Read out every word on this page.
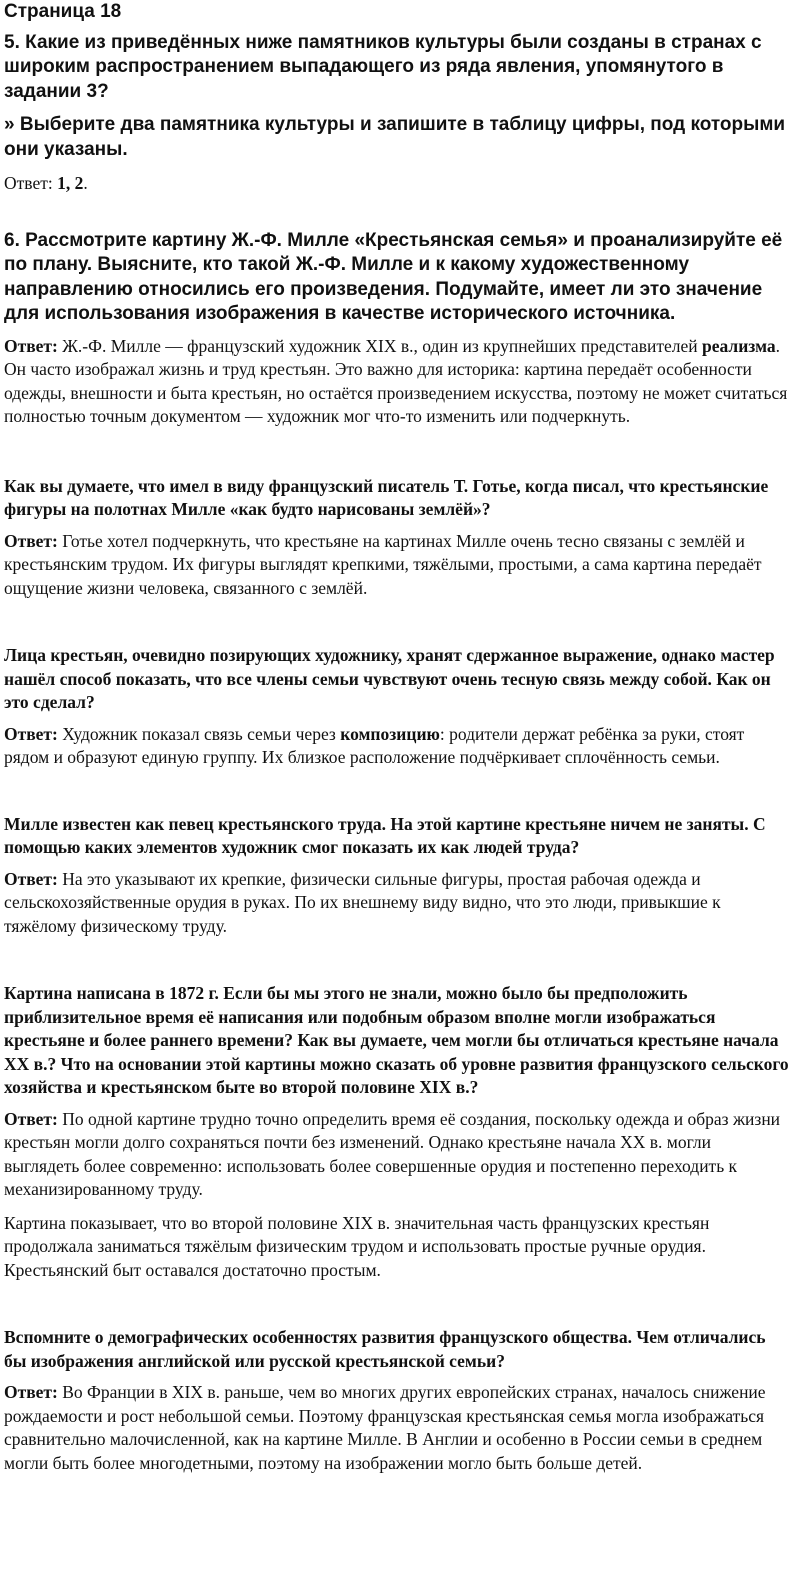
Страница 18

5. Какие из приведённых ниже памятников культуры были созданы в странах с широким распространением выпадающего из ряда явления, упомянутого в задании 3?

» Выберите два памятника культуры и запишите в таблицу цифры, под которыми они указаны.

Ответ: 1, 2.

6. Рассмотрите картину Ж.-Ф. Милле «Крестьянская семья» и проанализируйте её по плану. Выясните, кто такой Ж.-Ф. Милле и к какому художественному направлению относились его произведения. Подумайте, имеет ли это значение для использования изображения в качестве исторического источника.

Ответ: Ж.-Ф. Милле — французский художник XIX в., один из крупнейших представителей реализма. Он часто изображал жизнь и труд крестьян. Это важно для историка: картина передаёт особенности одежды, внешности и быта крестьян, но остаётся произведением искусства, поэтому не может считаться полностью точным документом — художник мог что-то изменить или подчеркнуть.

Как вы думаете, что имел в виду французский писатель Т. Готье, когда писал, что крестьянские фигуры на полотнах Милле «как будто нарисованы землёй»?

Ответ: Готье хотел подчеркнуть, что крестьяне на картинах Милле очень тесно связаны с землёй и крестьянским трудом. Их фигуры выглядят крепкими, тяжёлыми, простыми, а сама картина передаёт ощущение жизни человека, связанного с землёй.

Лица крестьян, очевидно позирующих художнику, хранят сдержанное выражение, однако мастер нашёл способ показать, что все члены семьи чувствуют очень тесную связь между собой. Как он это сделал?

Ответ: Художник показал связь семьи через композицию: родители держат ребёнка за руки, стоят рядом и образуют единую группу. Их близкое расположение подчёркивает сплочённость семьи.

Милле известен как певец крестьянского труда. На этой картине крестьяне ничем не заняты. С помощью каких элементов художник смог показать их как людей труда?

Ответ: На это указывают их крепкие, физически сильные фигуры, простая рабочая одежда и сельскохозяйственные орудия в руках. По их внешнему виду видно, что это люди, привыкшие к тяжёлому физическому труду.

Картина написана в 1872 г. Если бы мы этого не знали, можно было бы предположить приблизительное время её написания или подобным образом вполне могли изображаться крестьяне и более раннего времени? Как вы думаете, чем могли бы отличаться крестьяне начала XX в.? Что на основании этой картины можно сказать об уровне развития французского сельского хозяйства и крестьянском быте во второй половине XIX в.?

Ответ: По одной картине трудно точно определить время её создания, поскольку одежда и образ жизни крестьян могли долго сохраняться почти без изменений. Однако крестьяне начала XX в. могли выглядеть более современно: использовать более совершенные орудия и постепенно переходить к механизированному труду.

Картина показывает, что во второй половине XIX в. значительная часть французских крестьян продолжала заниматься тяжёлым физическим трудом и использовать простые ручные орудия. Крестьянский быт оставался достаточно простым.

Вспомните о демографических особенностях развития французского общества. Чем отличались бы изображения английской или русской крестьянской семьи?

Ответ: Во Франции в XIX в. раньше, чем во многих других европейских странах, началось снижение рождаемости и рост небольшой семьи. Поэтому французская крестьянская семья могла изображаться сравнительно малочисленной, как на картине Милле. В Англии и особенно в России семьи в среднем могли быть более многодетными, поэтому на изображении могло быть больше детей.
